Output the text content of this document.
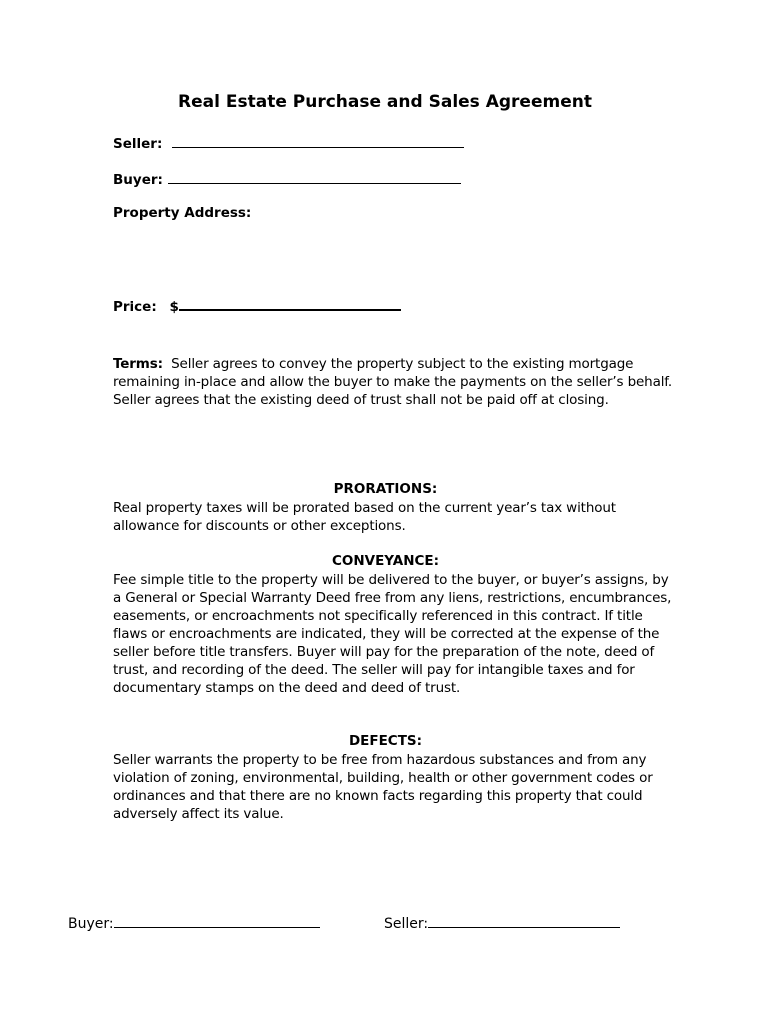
Real Estate Purchase and Sales Agreement
Seller:
Buyer:
Property Address:
Price: $

Terms: Seller agrees to convey the property subject to the existing mortgage remaining in-place and allow the buyer to make the payments on the seller’s behalf. Seller agrees that the existing deed of trust shall not be paid off at closing.

PRORATIONS:

Real property taxes will be prorated based on the current year’s tax without allowance for discounts or other exceptions.

CONVEYANCE:

Fee simple title to the property will be delivered to the buyer, or buyer’s assigns, by a General or Special Warranty Deed free from any liens, restrictions, encumbrances, easements, or encroachments not specifically referenced in this contract. If title flaws or encroachments are indicated, they will be corrected at the expense of the seller before title transfers. Buyer will pay for the preparation of the note, deed of trust, and recording of the deed. The seller will pay for intangible taxes and for documentary stamps on the deed and deed of trust.

DEFECTS:

Seller warrants the property to be free from hazardous substances and from any violation of zoning, environmental, building, health or other government codes or ordinances and that there are no known facts regarding this property that could adversely affect its value.

Buyer:	Seller:
